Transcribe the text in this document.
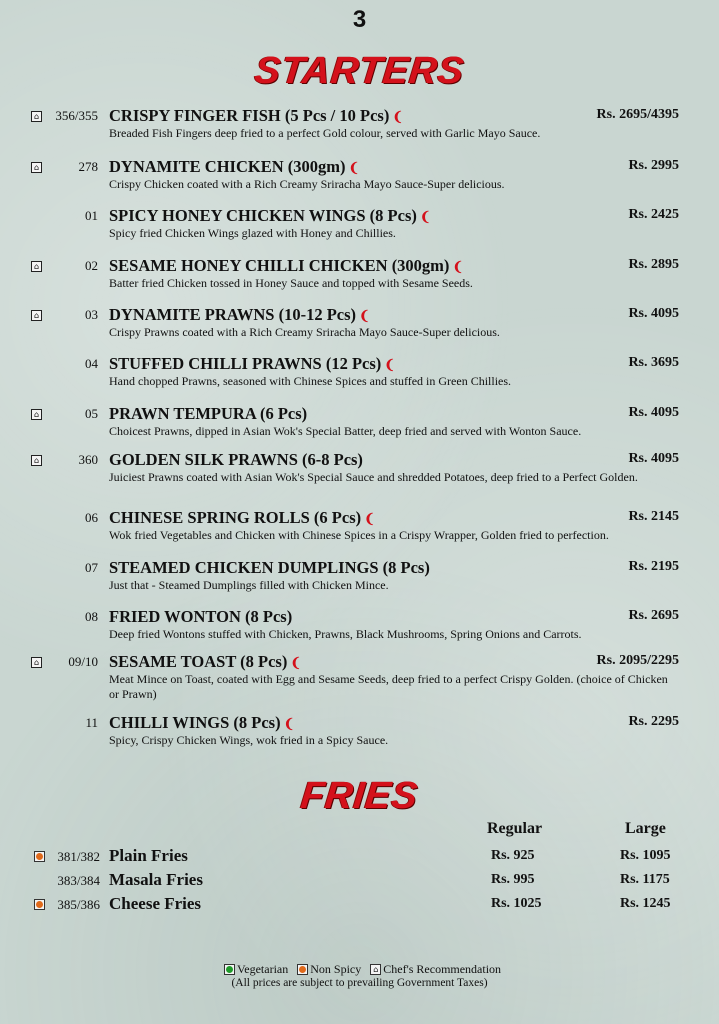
3
STARTERS
⌂
356/355 CRISPY FINGER FISH (5 Pcs / 10 Pcs) ❨	Rs. 2695/4395
Breaded Fish Fingers deep fried to a perfect Gold colour, served with Garlic Mayo Sauce.
⌂
278 DYNAMITE CHICKEN (300gm) ❨	Rs. 2995
Crispy Chicken coated with a Rich Creamy Sriracha Mayo Sauce-Super delicious.
01 SPICY HONEY CHICKEN WINGS (8 Pcs) ❨	Rs. 2425
Spicy fried Chicken Wings glazed with Honey and Chillies.
⌂
02 SESAME HONEY CHILLI CHICKEN (300gm) ❨	Rs. 2895
Batter fried Chicken tossed in Honey Sauce and topped with Sesame Seeds.
⌂
03 DYNAMITE PRAWNS (10-12 Pcs) ❨	Rs. 4095
Crispy Prawns coated with a Rich Creamy Sriracha Mayo Sauce-Super delicious.
04 STUFFED CHILLI PRAWNS (12 Pcs) ❨	Rs. 3695
Hand chopped Prawns, seasoned with Chinese Spices and stuffed in Green Chillies.
⌂
05 PRAWN TEMPURA (6 Pcs)	Rs. 4095
Choicest Prawns, dipped in Asian Wok's Special Batter, deep fried and served with Wonton Sauce.
⌂
360 GOLDEN SILK PRAWNS (6-8 Pcs)	Rs. 4095
Juiciest Prawns coated with Asian Wok's Special Sauce and shredded Potatoes, deep fried to a Perfect Golden.
06 CHINESE SPRING ROLLS (6 Pcs) ❨	Rs. 2145
Wok fried Vegetables and Chicken with Chinese Spices in a Crispy Wrapper, Golden fried to perfection.
07 STEAMED CHICKEN DUMPLINGS (8 Pcs)	Rs. 2195
Just that - Steamed Dumplings filled with Chicken Mince.
08 FRIED WONTON (8 Pcs)	Rs. 2695
Deep fried Wontons stuffed with Chicken, Prawns, Black Mushrooms, Spring Onions and Carrots.
⌂
09/10 SESAME TOAST (8 Pcs) ❨	Rs. 2095/2295
Meat Mince on Toast, coated with Egg and Sesame Seeds, deep fried to a perfect Crispy Golden. (choice of Chicken or Prawn)
11 CHILLI WINGS (8 Pcs) ❨	Rs. 2295
Spicy, Crispy Chicken Wings, wok fried in a Spicy Sauce.
FRIES
Regular	Large
381/382 Plain Fries	Rs. 925	Rs. 1095
383/384 Masala Fries	Rs. 995	Rs. 1175
385/386 Cheese Fries	Rs. 1025	Rs. 1245
Vegetarian Non Spicy ⌂ Chef's Recommendation
(All prices are subject to prevailing Government Taxes)
